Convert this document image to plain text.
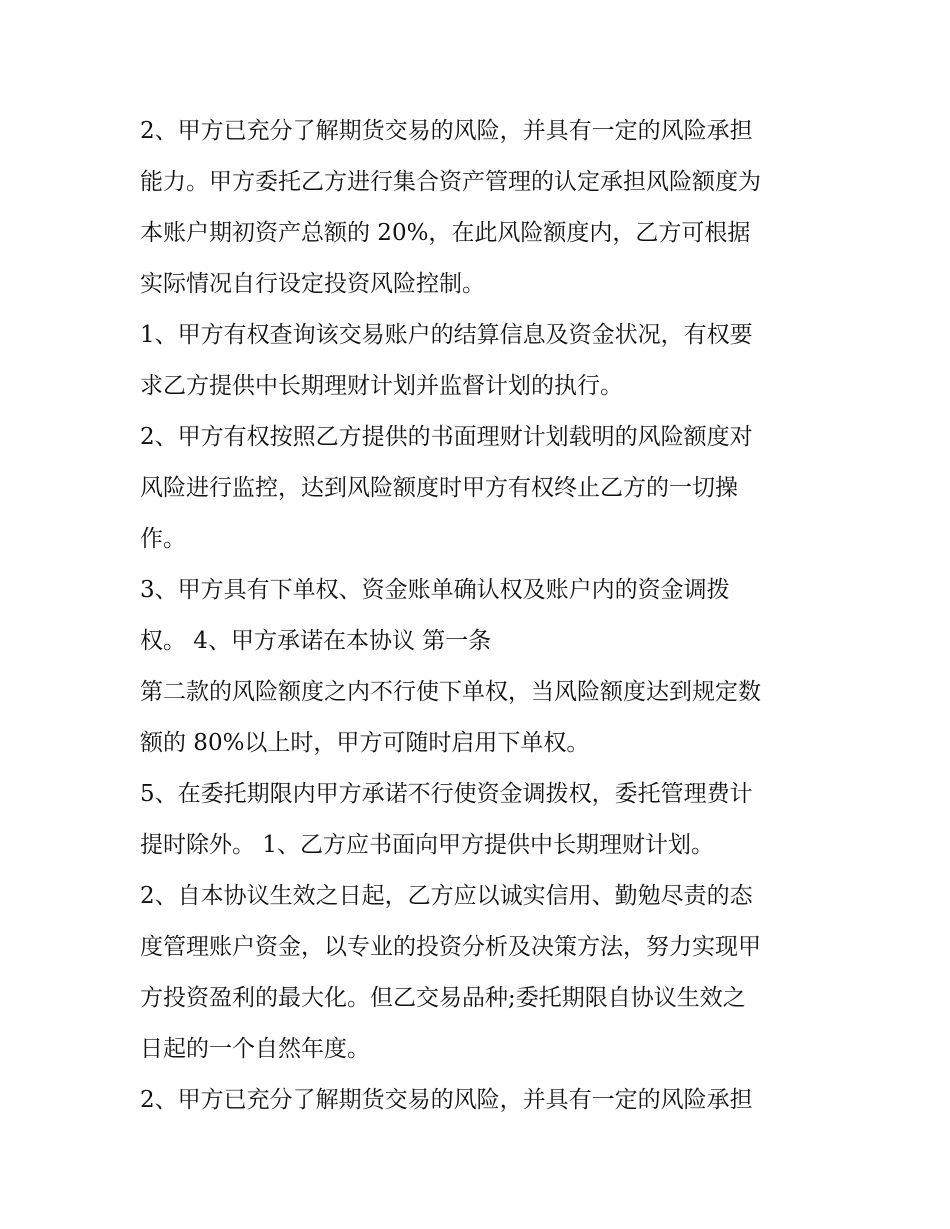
2、甲方已充分了解期货交易的风险，并具有一定的风险承担
能力。甲方委托乙方进行集合资产管理的认定承担风险额度为
本账户期初资产总额的 20%，在此风险额度内，乙方可根据
实际情况自行设定投资风险控制。
1、甲方有权查询该交易账户的结算信息及资金状况，有权要
求乙方提供中长期理财计划并监督计划的执行。
2、甲方有权按照乙方提供的书面理财计划载明的风险额度对
风险进行监控，达到风险额度时甲方有权终止乙方的一切操
作。
3、甲方具有下单权、资金账单确认权及账户内的资金调拨
权。 4、甲方承诺在本协议 第一条
第二款的风险额度之内不行使下单权，当风险额度达到规定数
额的 80%以上时，甲方可随时启用下单权。
5、在委托期限内甲方承诺不行使资金调拨权，委托管理费计
提时除外。 1、乙方应书面向甲方提供中长期理财计划。
2、自本协议生效之日起，乙方应以诚实信用、勤勉尽责的态
度管理账户资金，以专业的投资分析及决策方法，努力实现甲
方投资盈利的最大化。但乙交易品种;委托期限自协议生效之
日起的一个自然年度。
2、甲方已充分了解期货交易的风险，并具有一定的风险承担
